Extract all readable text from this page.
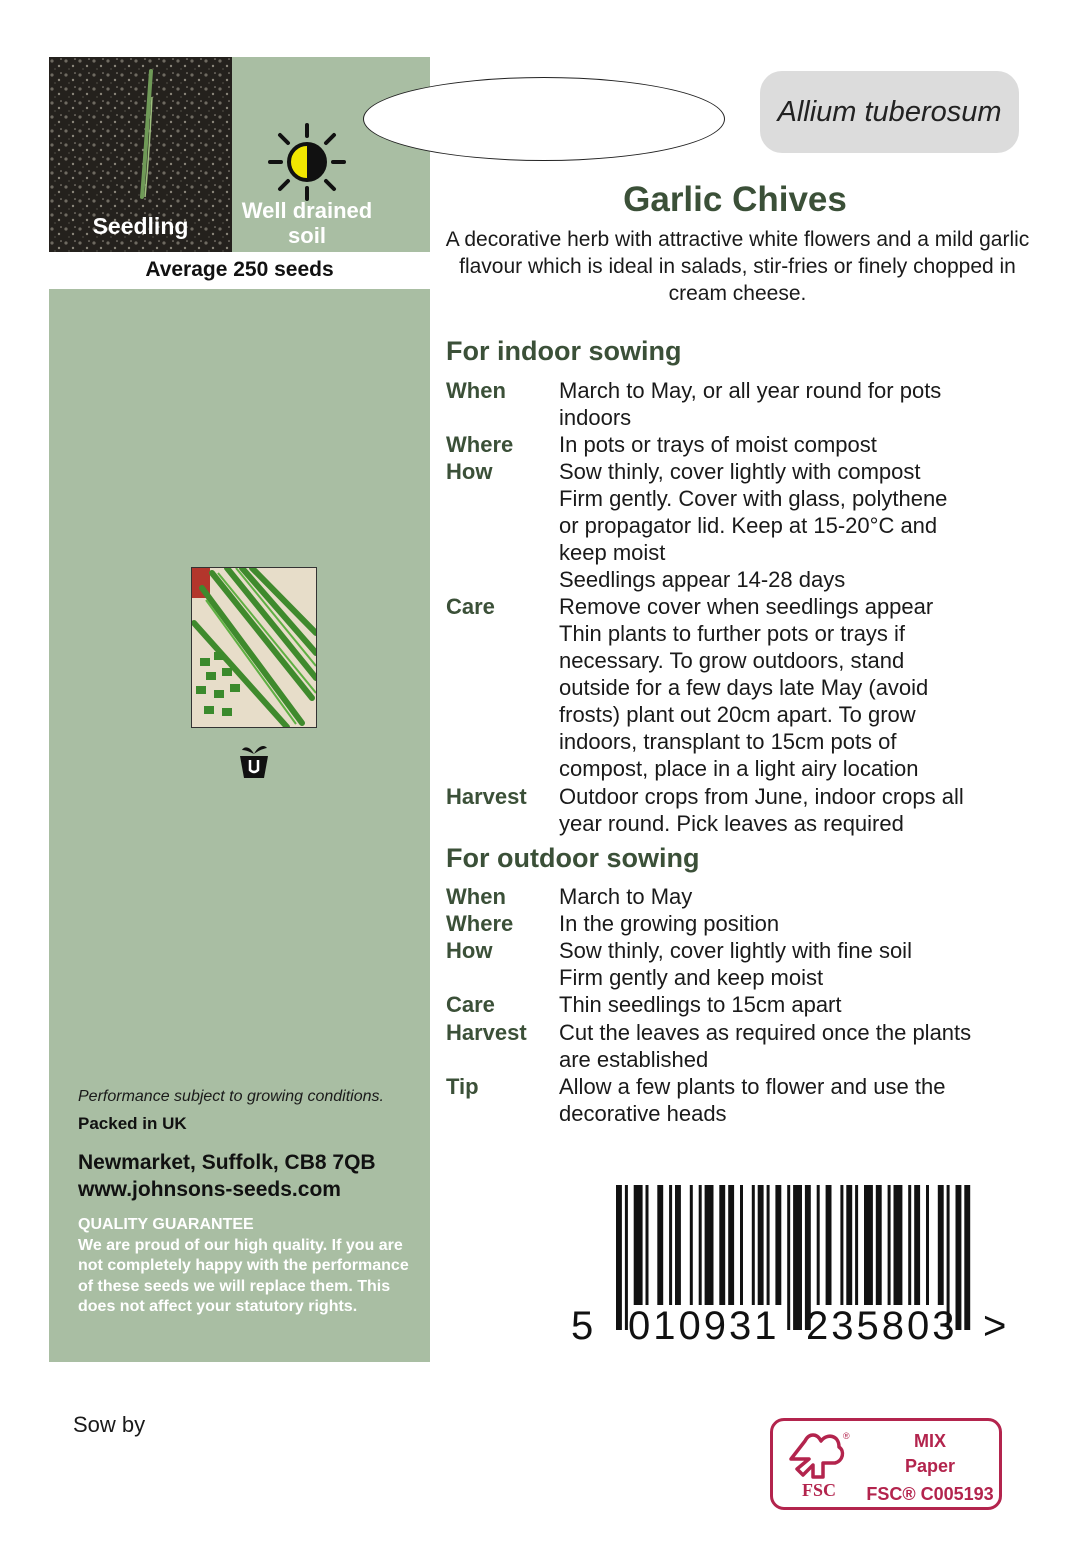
Seedling
Well drained
soil
Average 250 seeds
Performance subject to growing conditions.
Packed in UK
Newmarket, Suffolk, CB8 7QB
www.johnsons-seeds.com
QUALITY GUARANTEE
We are proud of our high quality. If you are not completely happy with the performance of these seeds we will replace them. This does not affect your statutory rights.
Allium tuberosum
Garlic Chives
A decorative herb with attractive white flowers and a mild garlic flavour which is ideal in salads, stir-fries or finely chopped in cream cheese.
For indoor sowing
When	March to May, or all year round for pots
indoors
Where	In pots or trays of moist compost
How	Sow thinly, cover lightly with compost
Firm gently. Cover with glass, polythene
or propagator lid. Keep at 15-20°C and
keep moist
Seedlings appear 14-28 days
Care	Remove cover when seedlings appear
Thin plants to further pots or trays if
necessary. To grow outdoors, stand
outside for a few days late May (avoid
frosts) plant out 20cm apart. To grow
indoors, transplant to 15cm pots of
compost, place in a light airy location
Harvest	Outdoor crops from June, indoor crops all
year round. Pick leaves as required
For outdoor sowing
When	March to May
Where	In the growing position
How	Sow thinly, cover lightly with fine soil
Firm gently and keep moist
Care	Thin seedlings to 15cm apart
Harvest	Cut the leaves as required once the plants
are established
Tip	Allow a few plants to flower and use the
decorative heads
5 010931 235803 >
Sow by	®
FSC
MIX
Paper
FSC® C005193
